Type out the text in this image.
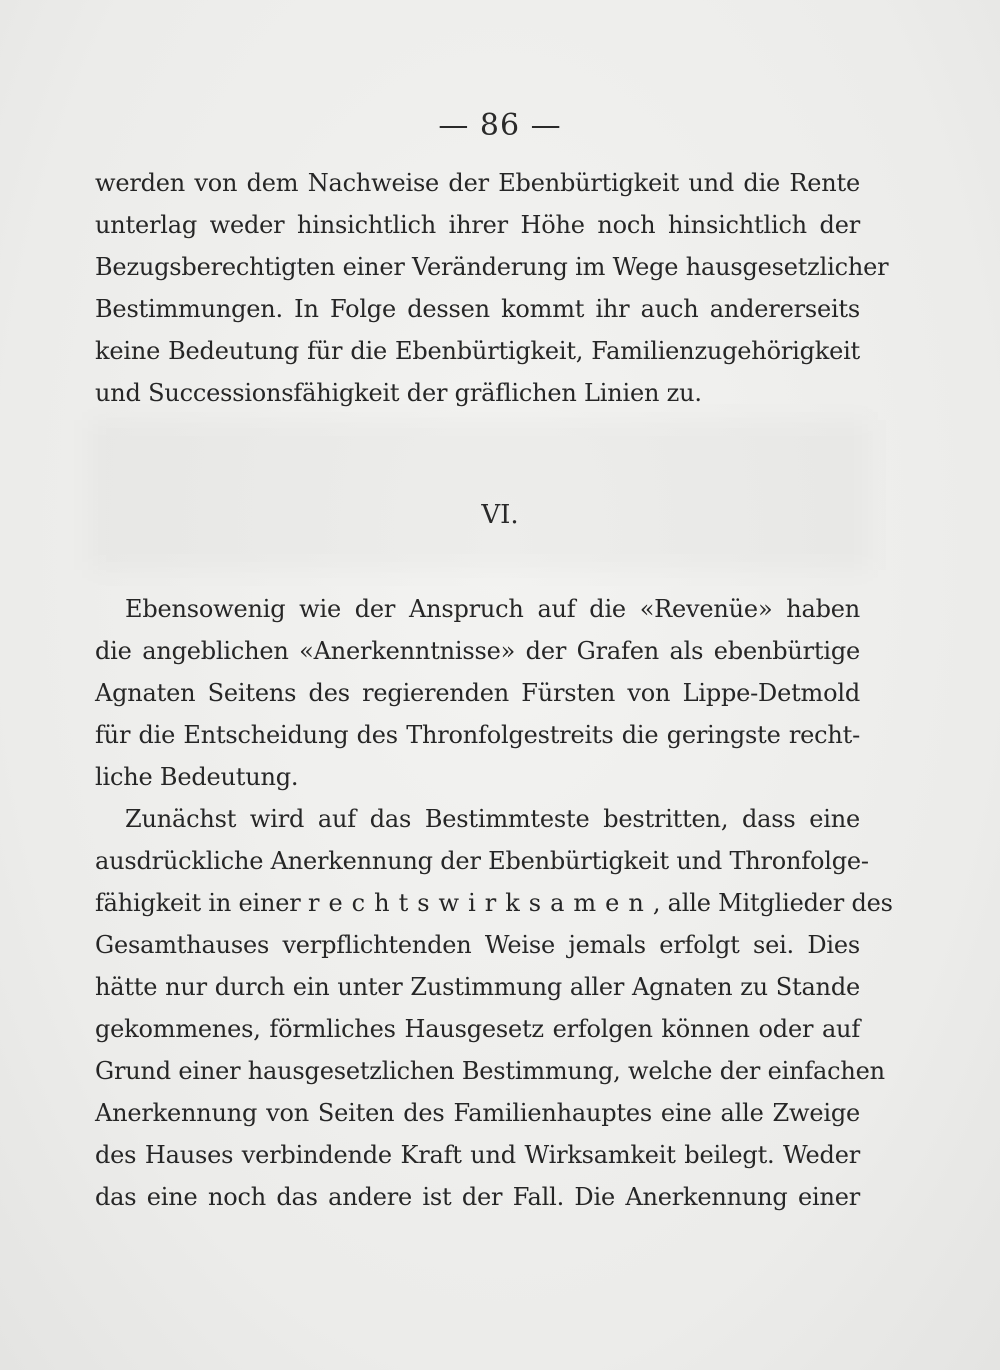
— 86 —
werden von dem Nachweise der Ebenbürtigkeit und die Rente
unterlag weder hinsichtlich ihrer Höhe noch hinsichtlich der
Bezugsberechtigten einer Veränderung im Wege hausgesetzlicher
Bestimmungen. In Folge dessen kommt ihr auch andererseits
keine Bedeutung für die Ebenbürtigkeit, Familienzugehörigkeit
und Successionsfähigkeit der gräflichen Linien zu.
VI.
Ebensowenig wie der Anspruch auf die «Revenüe» haben
die angeblichen «Anerkenntnisse» der Grafen als ebenbürtige
Agnaten Seitens des regierenden Fürsten von Lippe-Detmold
für die Entscheidung des Thronfolgestreits die geringste recht-
liche Bedeutung.
Zunächst wird auf das Bestimmteste bestritten, dass eine
ausdrückliche Anerkennung der Ebenbürtigkeit und Thronfolge-
fähigkeit in einer rechtswirksamen, alle Mitglieder des
Gesamthauses verpflichtenden Weise jemals erfolgt sei. Dies
hätte nur durch ein unter Zustimmung aller Agnaten zu Stande
gekommenes, förmliches Hausgesetz erfolgen können oder auf
Grund einer hausgesetzlichen Bestimmung, welche der einfachen
Anerkennung von Seiten des Familienhauptes eine alle Zweige
des Hauses verbindende Kraft und Wirksamkeit beilegt. Weder
das eine noch das andere ist der Fall. Die Anerkennung einer
